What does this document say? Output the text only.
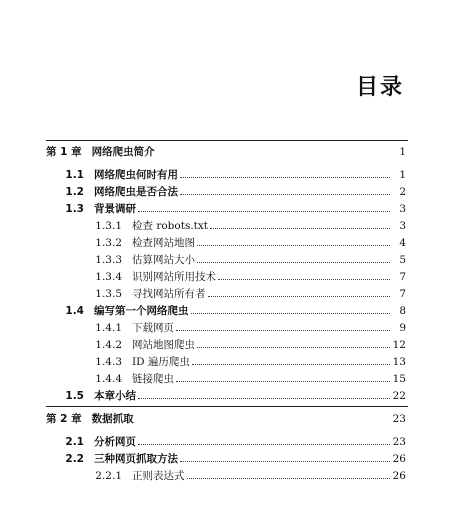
目录
第 1 章 网络爬虫简介	1
1.1 网络爬虫何时有用	1
1.2 网络爬虫是否合法	2
1.3 背景调研	3
1.3.1 检查 robots.txt	3
1.3.2 检查网站地图	4
1.3.3 估算网站大小	5
1.3.4 识别网站所用技术	7
1.3.5 寻找网站所有者	7
1.4 编写第一个网络爬虫	8
1.4.1 下载网页	9
1.4.2 网站地图爬虫	12
1.4.3 ID 遍历爬虫	13
1.4.4 链接爬虫	15
1.5 本章小结	22
第 2 章 数据抓取	23
2.1 分析网页	23
2.2 三种网页抓取方法	26
2.2.1 正则表达式	26
